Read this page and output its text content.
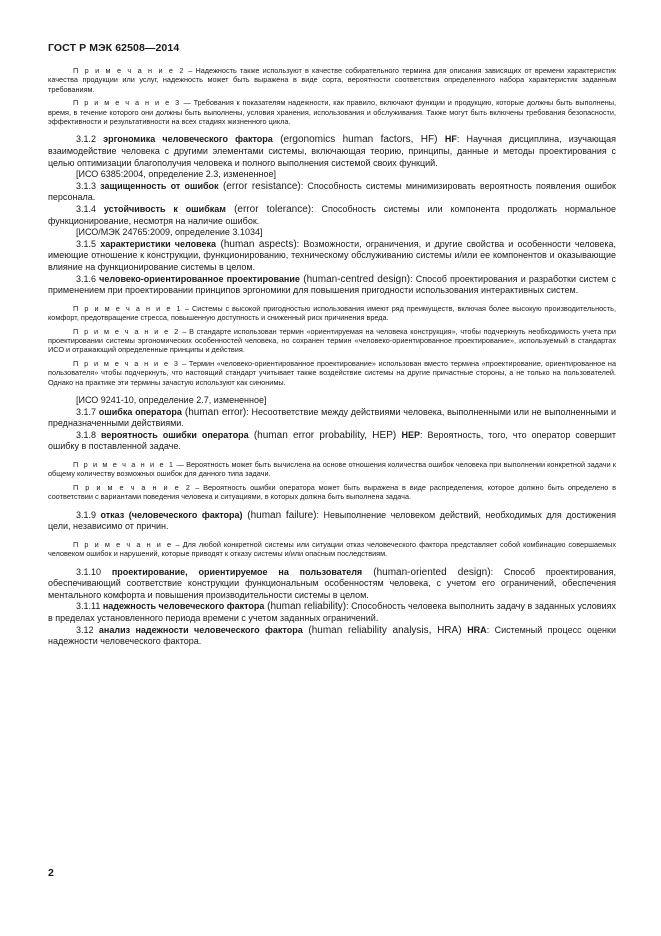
ГОСТ Р МЭК 62508—2014

П р и м е ч а н и е 2 – Надежность также используют в качестве собирательного термина для описания зависящих от времени характеристик качества продукции или услуг, надежность может быть выражена в виде сорта, вероятности соответствия определенного набора характеристик заданным требованиям.

П р и м е ч а н и е 3 — Требования к показателям надежности, как правило, включают функции и продукцию, которые должны быть выполнены, время, в течение которого они должны быть выполнены, условия хранения, использования и обслуживания. Также могут быть включены требования безопасности, эффективности и результативности на всех стадиях жизненного цикла.

3.1.2 эргономика человеческого фактора (ergonomics human factors, HF) HF: Научная дисциплина, изучающая взаимодействие человека с другими элементами системы, включающая теорию, принципы, данные и методы проектирования с целью оптимизации благополучия человека и полного выполнения системой своих функций.

[ИСО 6385:2004, определение 2.3, измененное]

3.1.3 защищенность от ошибок (error resistance): Способность системы минимизировать вероятность появления ошибок персонала.

3.1.4 устойчивость к ошибкам (error tolerance): Способность системы или компонента продолжать нормальное функционирование, несмотря на наличие ошибок.

[ИСО/МЭК 24765:2009, определение 3.1034]

3.1.5 характеристики человека (human aspects): Возможности, ограничения, и другие свойства и особенности человека, имеющие отношение к конструкции, функционированию, техническому обслуживанию системы и/или ее компонентов и оказывающие влияние на функционирование системы в целом.

3.1.6 человеко-ориентированное проектирование (human-centred design): Способ проектирования и разработки систем с применением при проектировании принципов эргономики для повышения пригодности использования интерактивных систем.

П р и м е ч а н и е 1 – Системы с высокой пригодностью использования имеют ряд преимуществ, включая более высокую производительность, комфорт, предотвращение стресса, повышенную доступность и сниженный риск причинения вреда.

П р и м е ч а н и е 2 – В стандарте использован термин «ориентируемая на человека конструкция», чтобы подчеркнуть необходимость учета при проектировании системы эргономических особенностей человека, но сохранен термин «человеко-ориентированное проектирование», используемый в стандартах ИСО и отражающий определенные принципы и действия.

П р и м е ч а н и е 3 – Термин «человеко-ориентированное проектирование» использован вместо термина «проектирование, ориентированное на пользователя» чтобы подчеркнуть, что настоящий стандарт учитывает также воздействие системы на другие причастные стороны, а не только на пользователей. Однако на практике эти термины зачастую используют как синонимы.

[ИСО 9241-10, определение 2.7, измененное]

3.1.7 ошибка оператора (human error): Несоответствие между действиями человека, выполненными или не выполненными и предназначенными действиями.

3.1.8 вероятность ошибки оператора (human error probability, HEP) HEP: Вероятность, того, что оператор совершит ошибку в поставленной задаче.

П р и м е ч а н и е 1 — Вероятность может быть вычислена на основе отношения количества ошибок человека при выполнении конкретной задачи к общему количеству возможных ошибок для данного типа задачи.

П р и м е ч а н и е 2 – Вероятность ошибки оператора может быть выражена в виде распределения, которое должно быть определено в соответствии с вариантами поведения человека и ситуациями, в которых должна быть выполнена задача.

3.1.9 отказ (человеческого фактора) (human failure): Невыполнение человеком действий, необходимых для достижения цели, независимо от причин.

П р и м е ч а н и е – Для любой конкретной системы или ситуации отказ человеческого фактора представляет собой комбинацию совершаемых человеком ошибок и нарушений, которые приводят к отказу системы и/или опасным последствиям.

3.1.10 проектирование, ориентируемое на пользователя (human-oriented design): Способ проектирования, обеспечивающий соответствие конструкции функциональным особенностям человека, с учетом его ограничений, обеспечения ментального комфорта и повышения производительности системы в целом.

3.1.11 надежность человеческого фактора (human reliability): Способность человека выполнить задачу в заданных условиях в пределах установленного периода времени с учетом заданных ограничений.

3.12 анализ надежности человеческого фактора (human reliability analysis, HRA) HRA: Системный процесс оценки надежности человеческого фактора.

2
